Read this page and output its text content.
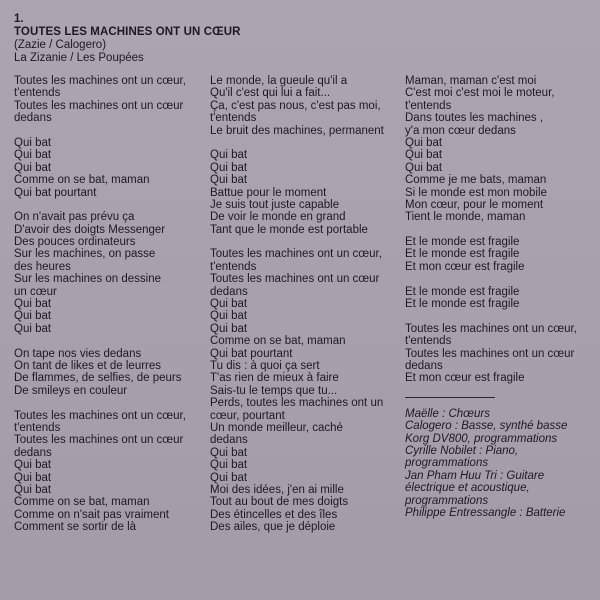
1.

TOUTES LES MACHINES ONT UN CŒUR

(Zazie / Calogero)

La Zizanie / Les Poupées

Toutes les machines ont un cœur,
t'entends
Toutes les machines ont un cœur
dedans
Qui bat
Qui bat
Qui bat
Comme on se bat, maman
Qui bat pourtant
On n'avait pas prévu ça
D'avoir des doigts Messenger
Des pouces ordinateurs
Sur les machines, on passe
des heures
Sur les machines on dessine
un cœur
Qui bat
Qui bat
Qui bat
On tape nos vies dedans
On tant de likes et de leurres
De flammes, de selfies, de peurs
De smileys en couleur
Toutes les machines ont un cœur,
t'entends
Toutes les machines ont un cœur
dedans
Qui bat
Qui bat
Qui bat
Comme on se bat, maman
Comme on n'sait pas vraiment
Comment se sortir de là
Le monde, la gueule qu'il a
Qu'il c'est qui lui a fait...
Ça, c'est pas nous, c'est pas moi,
t'entends
Le bruit des machines, permanent
Qui bat
Qui bat
Qui bat
Battue pour le moment
Je suis tout juste capable
De voir le monde en grand
Tant que le monde est portable
Toutes les machines ont un cœur,
t'entends
Toutes les machines ont un cœur
dedans
Qui bat
Qui bat
Qui bat
Comme on se bat, maman
Qui bat pourtant
Tu dis : à quoi ça sert
T'as rien de mieux à faire
Sais-tu le temps que tu...
Perds, toutes les machines ont un
cœur, pourtant
Un monde meilleur, caché
dedans
Qui bat
Qui bat
Qui bat
Moi des idées, j'en ai mille
Tout au bout de mes doigts
Des étincelles et des îles
Des ailes, que je déploie
Maman, maman c'est moi
C'est moi c'est moi le moteur,
t'entends
Dans toutes les machines ,
y'a mon cœur dedans
Qui bat
Qui bat
Qui bat
Comme je me bats, maman
Si le monde est mon mobile
Mon cœur, pour le moment
Tient le monde, maman
Et le monde est fragile
Et le monde est fragile
Et mon cœur est fragile
Et le monde est fragile
Et le monde est fragile
Toutes les machines ont un cœur,
t'entends
Toutes les machines ont un cœur
dedans
Et mon cœur est fragile
Maëlle : Chœurs
Calogero : Basse, synthé basse
Korg DV800, programmations
Cyrille Nobilet : Piano,
programmations
Jan Pham Huu Tri : Guitare
électrique et acoustique,
programmations
Philippe Entressangle : Batterie
